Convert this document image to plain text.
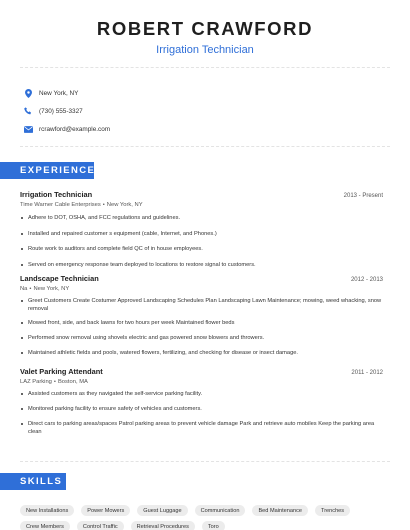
ROBERT CRAWFORD
Irrigation Technician
New York, NY
(730) 555-3327
rcrawford@example.com
EXPERIENCE
Irrigation Technician	2013 - Present
Time Warner Cable Enterprises • New York, NY
Adhere to DOT, OSHA, and FCC regulations and guidelines.
Installed and repaired customer s equipment (cable, Internet, and Phones.)
Route work to auditors and complete field QC of in house employees.
Served on emergency response team deployed to locations to restore signal to customers.
Landscape Technician	2012 - 2013
Na • New York, NY
Greet Customers Create Costumer Approved Landscaping Schedules Plan Landscaping Lawn Maintenance; mowing, weed whacking, snow removal
Mowed front, side, and back lawns for two hours per week Maintained flower beds
Performed snow removal using shovels electric and gas powered snow blowers and throwers.
Maintained athletic fields and pools, watered flowers, fertilizing, and checking for disease or insect damage.
Valet Parking Attendant	2011 - 2012
LAZ Parking • Boston, MA
Assisted customers as they navigated the self-service parking facility.
Monitored parking facility to ensure safety of vehicles and customers.
Direct cars to parking areas/spaces Patrol parking areas to prevent vehicle damage Park and retrieve auto mobiles Keep the parking area clean
SKILLS
New Installations	Power Mowers	Guest Luggage	Communication	Bed Maintenance	Trenches
Crew Members	Control Traffic	Retrieval Procedures	Toro
